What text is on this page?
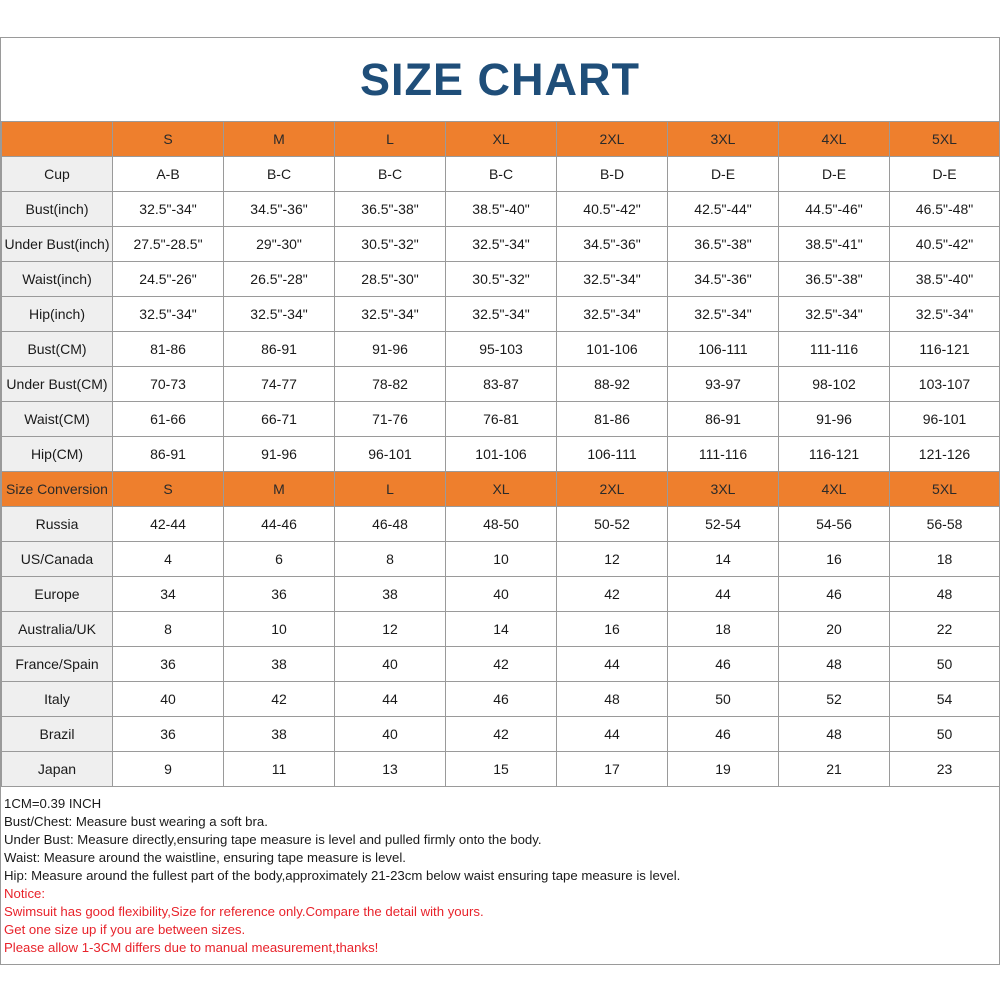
SIZE CHART
	S	M	L	XL	2XL	3XL	4XL	5XL
Cup	A-B	B-C	B-C	B-C	B-D	D-E	D-E	D-E
Bust(inch)	32.5"-34"	34.5"-36"	36.5"-38"	38.5"-40"	40.5"-42"	42.5"-44"	44.5"-46"	46.5"-48"
Under Bust(inch)	27.5"-28.5"	29"-30"	30.5"-32"	32.5"-34"	34.5"-36"	36.5"-38"	38.5"-41"	40.5"-42"
Waist(inch)	24.5"-26"	26.5"-28"	28.5"-30"	30.5"-32"	32.5"-34"	34.5"-36"	36.5"-38"	38.5"-40"
Hip(inch)	32.5"-34"	32.5"-34"	32.5"-34"	32.5"-34"	32.5"-34"	32.5"-34"	32.5"-34"	32.5"-34"
Bust(CM)	81-86	86-91	91-96	95-103	101-106	106-111	111-116	116-121
Under Bust(CM)	70-73	74-77	78-82	83-87	88-92	93-97	98-102	103-107
Waist(CM)	61-66	66-71	71-76	76-81	81-86	86-91	91-96	96-101
Hip(CM)	86-91	91-96	96-101	101-106	106-111	111-116	116-121	121-126
Size Conversion	S	M	L	XL	2XL	3XL	4XL	5XL
Russia	42-44	44-46	46-48	48-50	50-52	52-54	54-56	56-58
US/Canada	4	6	8	10	12	14	16	18
Europe	34	36	38	40	42	44	46	48
Australia/UK	8	10	12	14	16	18	20	22
France/Spain	36	38	40	42	44	46	48	50
Italy	40	42	44	46	48	50	52	54
Brazil	36	38	40	42	44	46	48	50
Japan	9	11	13	15	17	19	21	23
1CM=0.39 INCH
Bust/Chest: Measure bust wearing a soft bra.
Under Bust: Measure directly,ensuring tape measure is level and pulled firmly onto the body.
Waist: Measure around the waistline, ensuring tape measure is level.
Hip: Measure around the fullest part of the body,approximately 21-23cm below waist ensuring tape measure is level.
Notice:
Swimsuit has good flexibility,Size for reference only.Compare the detail with yours.
Get one size up if you are between sizes.
Please allow 1-3CM differs due to manual measurement,thanks!
